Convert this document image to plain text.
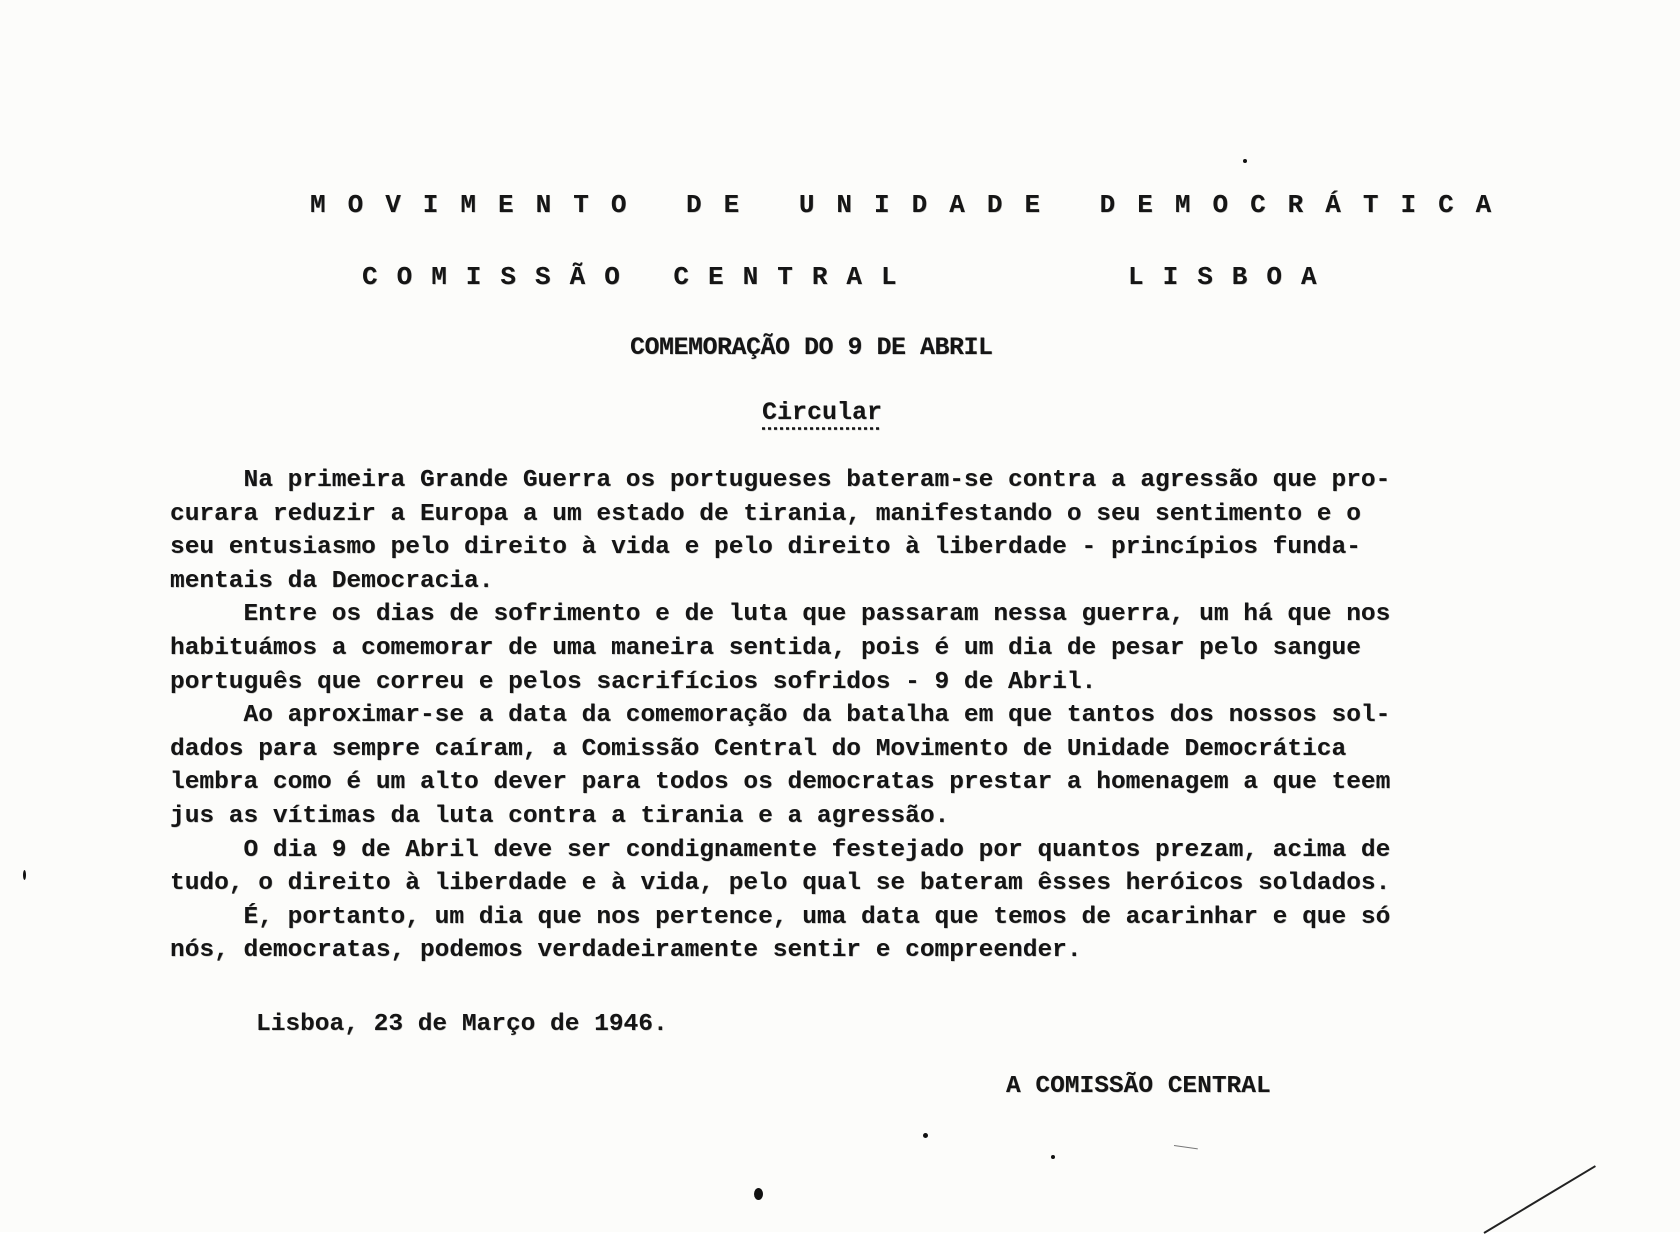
MOVIMENTO DE UNIDADE DEMOCRÁTICA
COMISSÃO CENTRAL	LISBOA
COMEMORAÇÃO DO 9 DE ABRIL
Circular
Na primeira Grande Guerra os portugueses bateram-se contra a agressão que pro-
curara reduzir a Europa a um estado de tirania, manifestando o seu sentimento e o
seu entusiasmo pelo direito à vida e pelo direito à liberdade - princípios funda-
mentais da Democracia.
Entre os dias de sofrimento e de luta que passaram nessa guerra, um há que nos
habituámos a comemorar de uma maneira sentida, pois é um dia de pesar pelo sangue
português que correu e pelos sacrifícios sofridos - 9 de Abril.
Ao aproximar-se a data da comemoração da batalha em que tantos dos nossos sol-
dados para sempre caíram, a Comissão Central do Movimento de Unidade Democrática
lembra como é um alto dever para todos os democratas prestar a homenagem a que teem
jus as vítimas da luta contra a tirania e a agressão.
O dia 9 de Abril deve ser condignamente festejado por quantos prezam, acima de
tudo, o direito à liberdade e à vida, pelo qual se bateram êsses heróicos soldados.
É, portanto, um dia que nos pertence, uma data que temos de acarinhar e que só
nós, democratas, podemos verdadeiramente sentir e compreender.
Lisboa, 23 de Março de 1946.
A COMISSÃO CENTRAL
